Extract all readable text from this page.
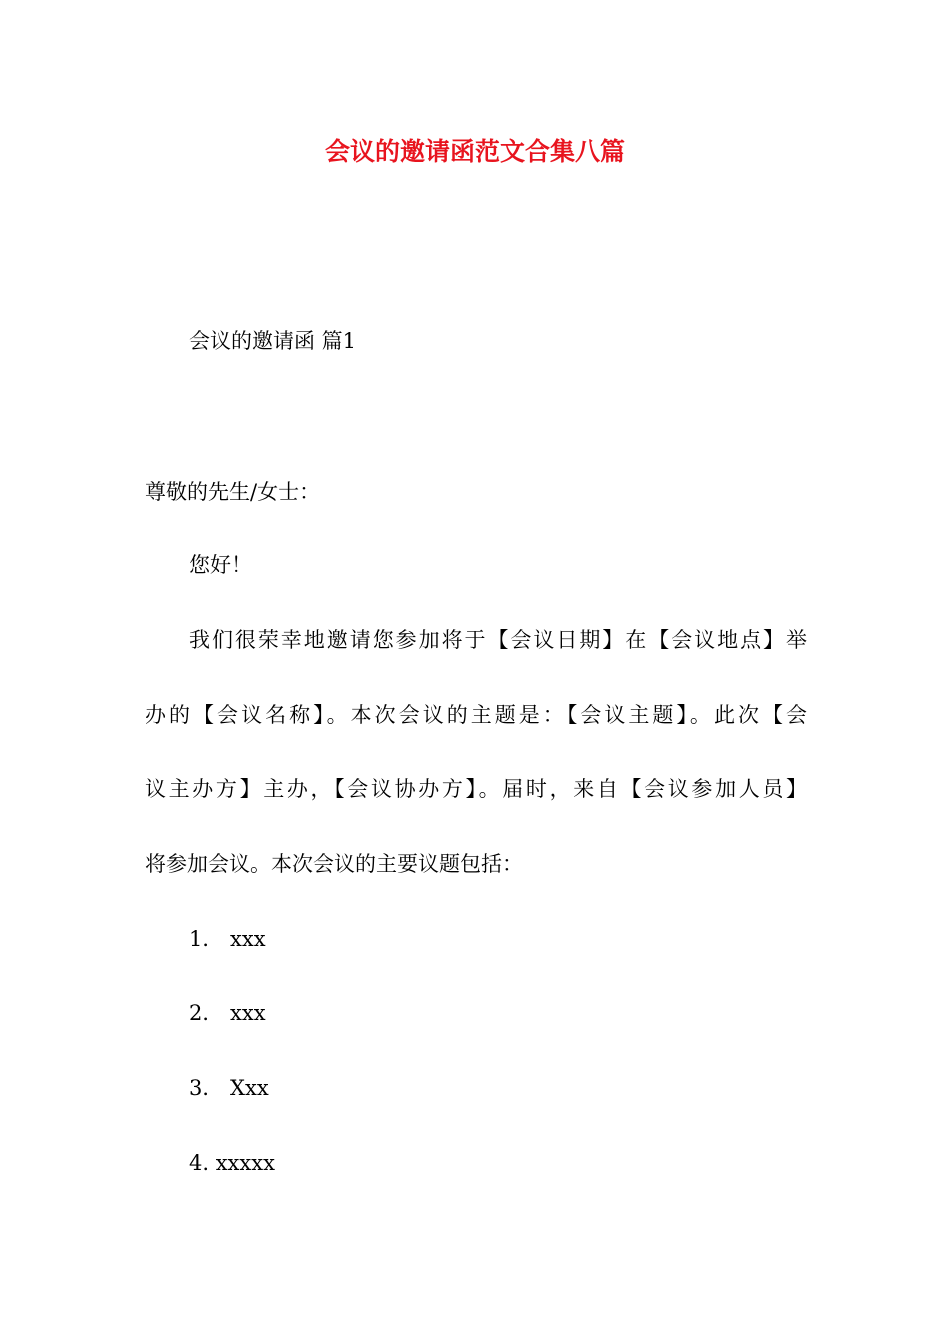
会议的邀请函范文合集八篇
会议的邀请函 篇1
尊敬的先生/女士：
您好！
我们很荣幸地邀请您参加将于【会议日期】在【会议地点】举
办的【会议名称】。本次会议的主题是：【会议主题】。此次【会
议主办方】主办，【会议协办方】。届时，来自【会议参加人员】
将参加会议。本次会议的主要议题包括：
1． xxx
2． xxx
3． Xxx
4. xxxxx
